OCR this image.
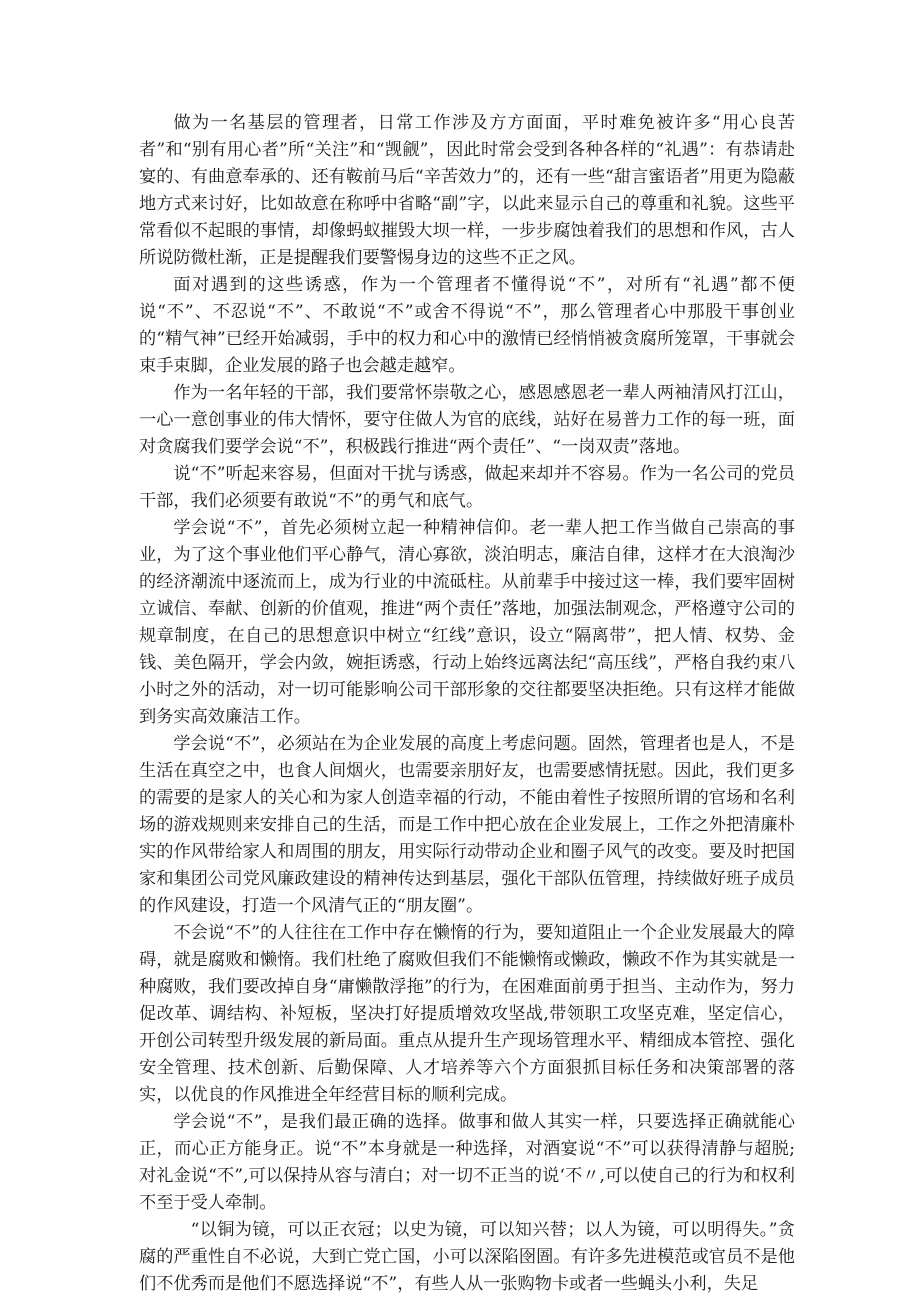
做为一名基层的管理者，日常工作涉及方方面面，平时难免被许多“用心良苦者”和“别有用心者”所“关注”和“觊觎”，因此时常会受到各种各样的“礼遇”：有恭请赴宴的、有曲意奉承的、还有鞍前马后“辛苦效力”的，还有一些“甜言蜜语者”用更为隐蔽地方式来讨好，比如故意在称呼中省略“副”字，以此来显示自己的尊重和礼貌。这些平常看似不起眼的事情，却像蚂蚁摧毁大坝一样，一步步腐蚀着我们的思想和作风，古人所说防微杜渐，正是提醒我们要警惕身边的这些不正之风。

面对遇到的这些诱惑，作为一个管理者不懂得说“不”，对所有“礼遇”都不便说“不”、不忍说“不”、不敢说“不”或舍不得说“不”，那么管理者心中那股干事创业的“精气神”已经开始减弱，手中的权力和心中的激情已经悄悄被贪腐所笼罩，干事就会束手束脚，企业发展的路子也会越走越窄。

作为一名年轻的干部，我们要常怀崇敬之心，感恩感恩老一辈人两袖清风打江山，一心一意创事业的伟大情怀，要守住做人为官的底线，站好在易普力工作的每一班，面对贪腐我们要学会说“不”，积极践行推进“两个责任”、“一岗双责”落地。

说“不”听起来容易，但面对干扰与诱惑，做起来却并不容易。作为一名公司的党员干部，我们必须要有敢说“不”的勇气和底气。

学会说“不”，首先必须树立起一种精神信仰。老一辈人把工作当做自己崇高的事业，为了这个事业他们平心静气，清心寡欲，淡泊明志，廉洁自律，这样才在大浪淘沙的经济潮流中逐流而上，成为行业的中流砥柱。从前辈手中接过这一棒，我们要牢固树立诚信、奉献、创新的价值观，推进“两个责任”落地，加强法制观念，严格遵守公司的规章制度，在自己的思想意识中树立“红线”意识，设立“隔离带”，把人情、权势、金钱、美色隔开，学会内敛，婉拒诱惑，行动上始终远离法纪“高压线”，严格自我约束八小时之外的活动，对一切可能影响公司干部形象的交往都要坚决拒绝。只有这样才能做到务实高效廉洁工作。

学会说“不”，必须站在为企业发展的高度上考虑问题。固然，管理者也是人，不是生活在真空之中，也食人间烟火，也需要亲朋好友，也需要感情抚慰。因此，我们更多的需要的是家人的关心和为家人创造幸福的行动，不能由着性子按照所谓的官场和名利场的游戏规则来安排自己的生活，而是工作中把心放在企业发展上，工作之外把清廉朴实的作风带给家人和周围的朋友，用实际行动带动企业和圈子风气的改变。要及时把国家和集团公司党风廉政建设的精神传达到基层，强化干部队伍管理，持续做好班子成员的作风建设，打造一个风清气正的“朋友圈”。

不会说“不”的人往往在工作中存在懒惰的行为，要知道阻止一个企业发展最大的障碍，就是腐败和懒惰。我们杜绝了腐败但我们不能懒惰或懒政，懒政不作为其实就是一种腐败，我们要改掉自身“庸懒散浮拖”的行为，在困难面前勇于担当、主动作为，努力促改革、调结构、补短板，坚决打好提质增效攻坚战,带领职工攻坚克难，坚定信心，开创公司转型升级发展的新局面。重点从提升生产现场管理水平、精细成本管控、强化安全管理、技术创新、后勤保障、人才培养等六个方面狠抓目标任务和决策部署的落实，以优良的作风推进全年经营目标的顺利完成。

学会说“不”，是我们最正确的选择。做事和做人其实一样，只要选择正确就能心正，而心正方能身正。说“不”本身就是一种选择，对酒宴说“不”可以获得清静与超脱;对礼金说“不”,可以保持从容与清白；对一切不正当的说‘不〃,可以使自己的行为和权利不至于受人牵制。

“以铜为镜，可以正衣冠；以史为镜，可以知兴替；以人为镜，可以明得失。”贪腐的严重性自不必说，大到亡党亡国，小可以深陷囹圄。有许多先进模范或官员不是他们不优秀而是他们不愿选择说“不”，有些人从一张购物卡或者一些蝇头小利，失足
